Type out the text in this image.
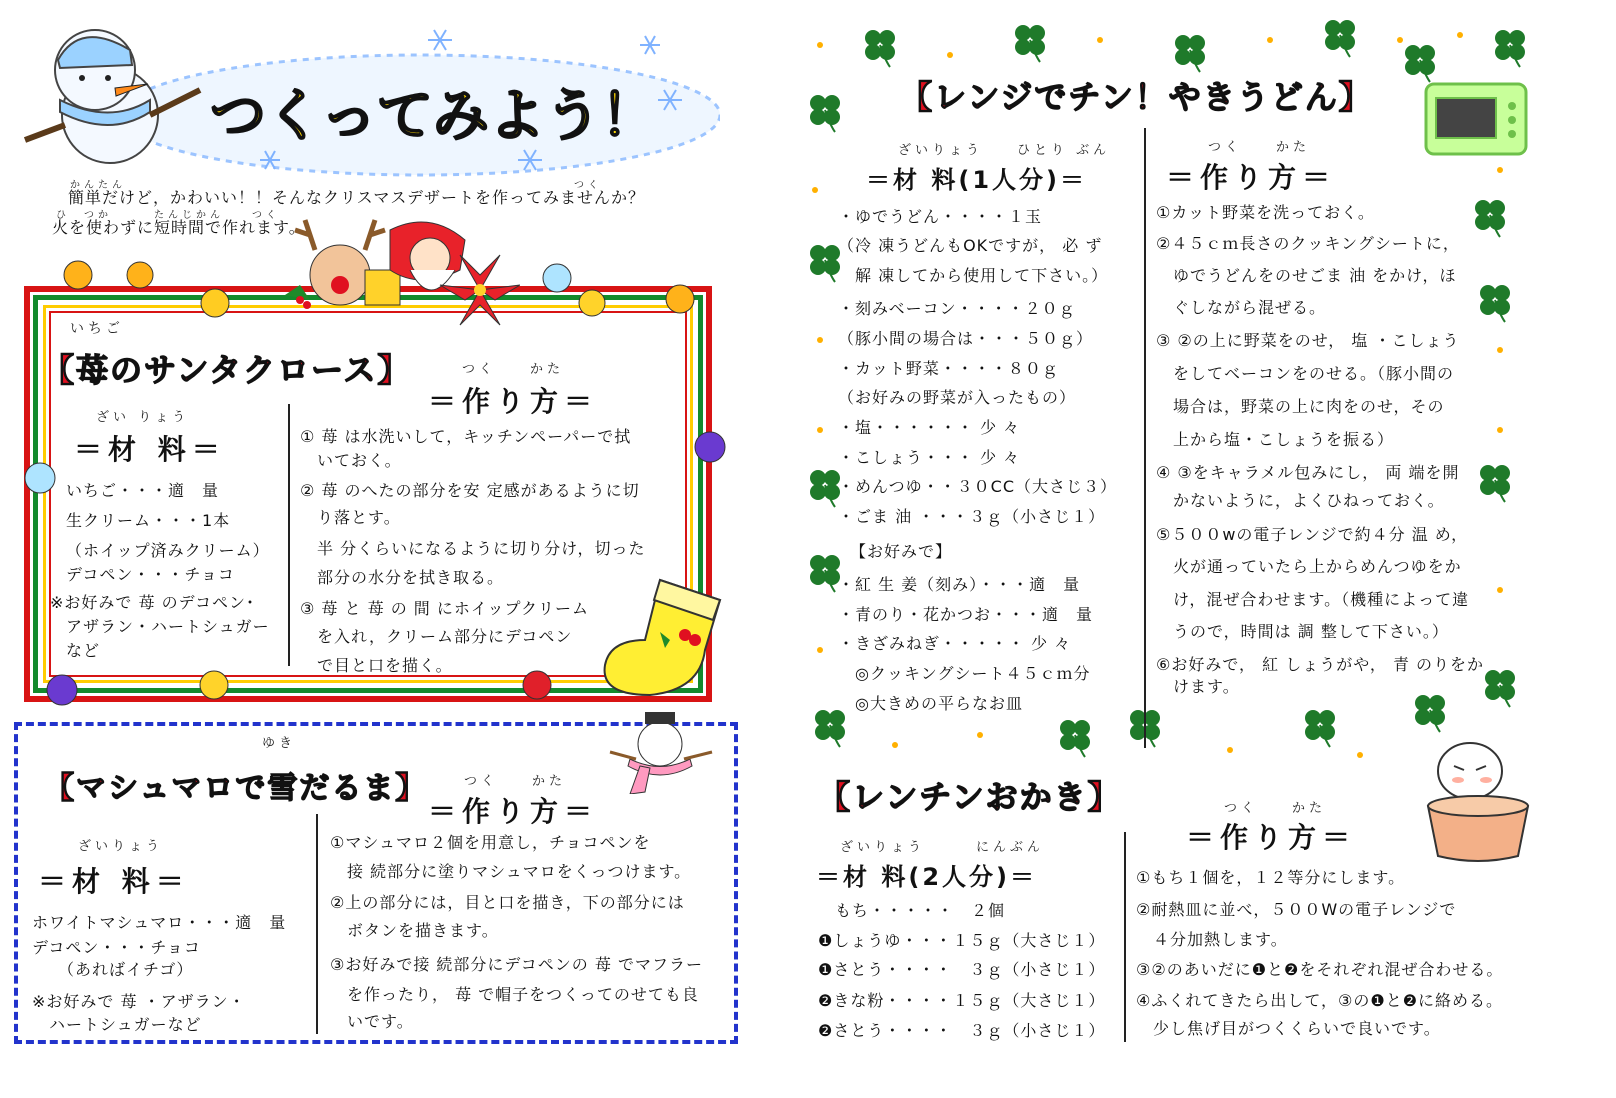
つくってみよう！
かんたん　　　　　　　　　　　　　　　　　　　　　　　　　　　　　　　　つく
簡単だけど，かわいい！！そんなクリスマスデザートを作ってみませんか？
ひ　つか　　　たんじかん　　つく
火を使わずに短時間で作れます。
いちご
【苺のサンタクロース】
ざい りょう
＝材 料＝
つく　　かた
＝作り方＝
いちご・・・適　量
生クリーム・・・1本
（ホイップ済みクリーム）
デコペン・・・チョコ
※お好みで 苺 のデコペン･
アザラン・ハートシュガー
など
① 苺 は水洗いして，キッチンペーパーで拭
　いておく。
② 苺 のへたの部分を安 定感があるように切
　り落とす。
　半 分くらいになるように切り分け，切った
　部分の水分を拭き取る。
③ 苺 と 苺 の 間 にホイップクリーム
　を入れ，クリーム部分にデコペン
　で目と口を描く。
ゆき
【マシュマロで雪だるま】	つく　　かた
＝作り方＝
ざいりょう
＝材 料＝
ホワイトマシュマロ・・・適　量
デコペン・・・チョコ
　　（あればイチゴ）
※お好みで 苺 ・アザラン・
　ハートシュガーなど
①マシュマロ２個を用意し，チョコペンを
　接 続部分に塗りマシュマロをくっつけます。
②上の部分には，目と口を描き，下の部分には
　ボタンを描きます。
③お好みで接 続部分にデコペンの 苺 でマフラー
　を作ったり， 苺 で帽子をつくってのせても良
　いです。
【レンジでチン！やきうどん】
ざいりょう　　ひとり ぶん
＝材 料(1人分)＝
つく　　かた
＝作り方＝
・ゆでうどん・・・・１玉
（冷 凍うどんもOKですが， 必 ず
　解 凍してから使用して下さい。）
・刻みベーコン・・・・２０ｇ
（豚小間の場合は・・・５０ｇ）
・カット野菜・・・・８０ｇ
（お好みの野菜が入ったもの）
・塩・・・・・・ 少 々
・こしょう・・・ 少 々
・めんつゆ・・３０CC（大さじ３）
・ごま 油 ・・・３ｇ（小さじ１）
【お好みで】
・紅 生 姜（刻み）・・・適　量
・青のり・花かつお・・・適　量
・きざみねぎ・・・・・ 少 々
　◎クッキングシート４５ｃｍ分
　◎大きめの平らなお皿
①カット野菜を洗っておく。
②４５ｃｍ長さのクッキングシートに，
　ゆでうどんをのせごま 油 をかけ，ほ
　ぐしながら混ぜる。
③ ②の上に野菜をのせ， 塩 ・こしょう
　をしてベーコンをのせる。（豚小間の
　場合は，野菜の上に肉をのせ，その
　上から塩・こしょうを振る）
④ ③をキャラメル包みにし， 両 端を開
　かないように，よくひねっておく。
⑤５００wの電子レンジで約４分 温 め，
　火が通っていたら上からめんつゆをか
　け，混ぜ合わせます。（機種によって違
　うので，時間は 調 整して下さい。）
⑥お好みで， 紅 しょうがや， 青 のりをか
　けます。
【レンチンおかき】
ざいりょう　　　にんぶん
＝材 料(2人分)＝
つく　　かた
＝作り方＝
　もち・・・・・　２個
❶しょうゆ・・・１５ｇ（大さじ１）
❶さとう・・・・　３ｇ（小さじ１）
❷きな粉・・・・１５ｇ（大さじ１）
❷さとう・・・・　３ｇ（小さじ１）
①もち１個を，１２等分にします。
②耐熱皿に並べ，５００Wの電子レンジで
　４分加熱します。
③②のあいだに❶と❷をそれぞれ混ぜ合わせる。
④ふくれてきたら出して，③の❶と❷に絡める。
　少し焦げ目がつくくらいで良いです。
